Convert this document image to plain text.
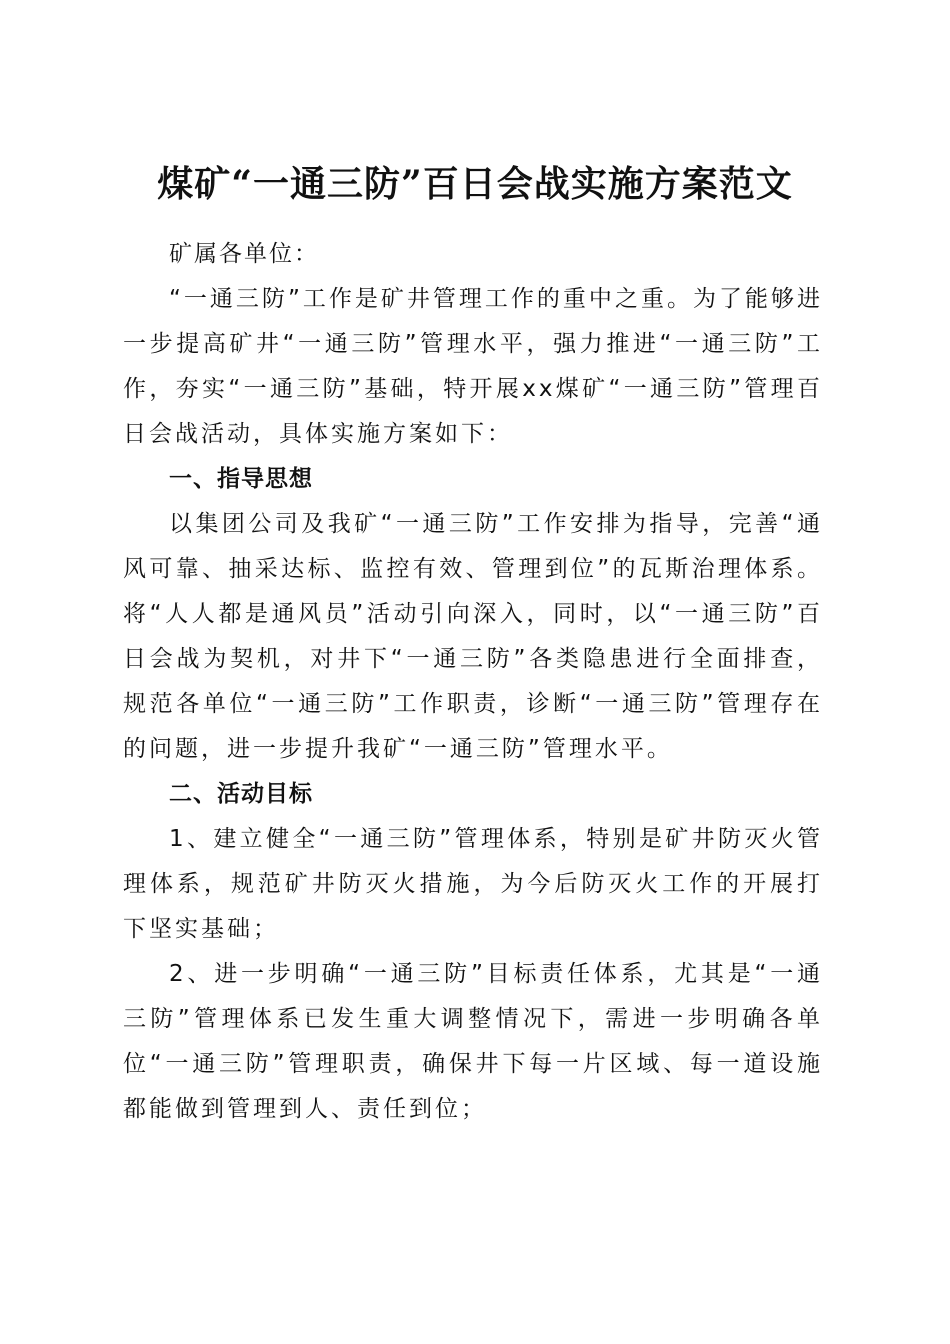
煤矿“一通三防”百日会战实施方案范文

矿属各单位：

“一通三防”工作是矿井管理工作的重中之重。为了能够进一步提高矿井“一通三防”管理水平，强力推进“一通三防”工作，夯实“一通三防”基础，特开展xx煤矿“一通三防”管理百日会战活动，具体实施方案如下：

一、指导思想

以集团公司及我矿“一通三防”工作安排为指导，完善“通风可靠、抽采达标、监控有效、管理到位”的瓦斯治理体系。将“人人都是通风员”活动引向深入，同时，以“一通三防”百日会战为契机，对井下“一通三防”各类隐患进行全面排查，规范各单位“一通三防”工作职责，诊断“一通三防”管理存在的问题，进一步提升我矿“一通三防”管理水平。

二、活动目标

1、建立健全“一通三防”管理体系，特别是矿井防灭火管理体系，规范矿井防灭火措施，为今后防灭火工作的开展打下坚实基础；

2、进一步明确“一通三防”目标责任体系，尤其是“一通三防”管理体系已发生重大调整情况下，需进一步明确各单位“一通三防”管理职责，确保井下每一片区域、每一道设施都能做到管理到人、责任到位；
